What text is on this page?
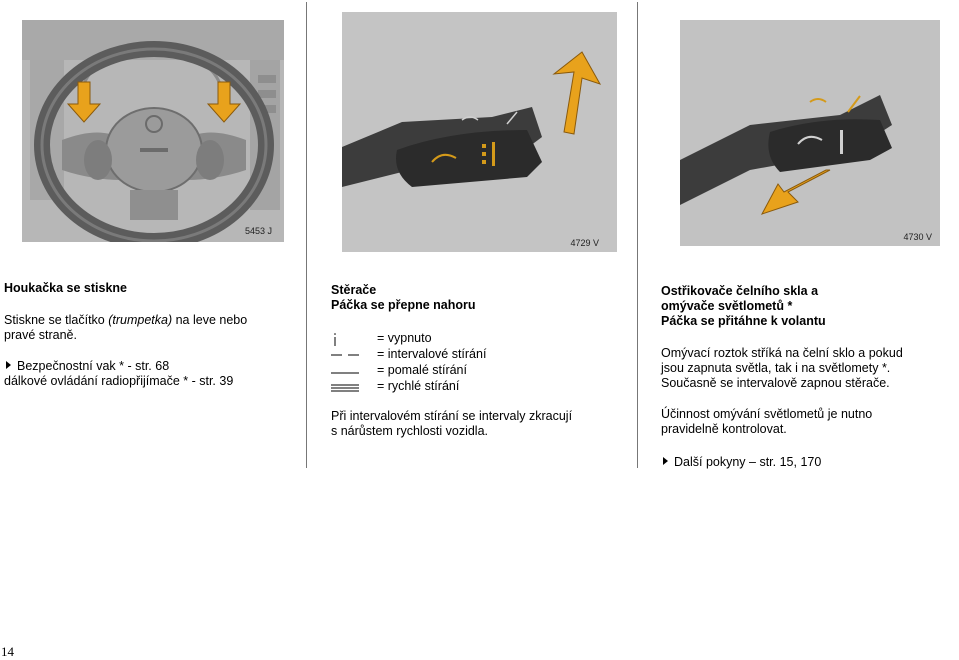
5453 J
4729 V
4730 V
Houkačka se stiskne
Stiskne se tlačítko (trumpetka) na leve nebo
pravé straně.
Bezpečnostní vak * - str. 68
dálkové ovládání radiopřijímače * - str. 39
Stěrače
Páčka se přepne nahoru
= vypnuto
= intervalové stírání
= pomalé stírání
= rychlé stírání
Při intervalovém stírání se intervaly zkracují
s nárůstem rychlosti vozidla.
Ostřikovače čelního skla a
omývače světlometů *
Páčka se přitáhne k volantu
Omývací roztok stříká na čelní sklo a pokud
jsou zapnuta světla, tak i na světlomety *.
Současně se intervalově zapnou stěrače.
Účinnost omývání světlometů je nutno
pravidelně kontrolovat.
Další pokyny – str. 15, 170
14
